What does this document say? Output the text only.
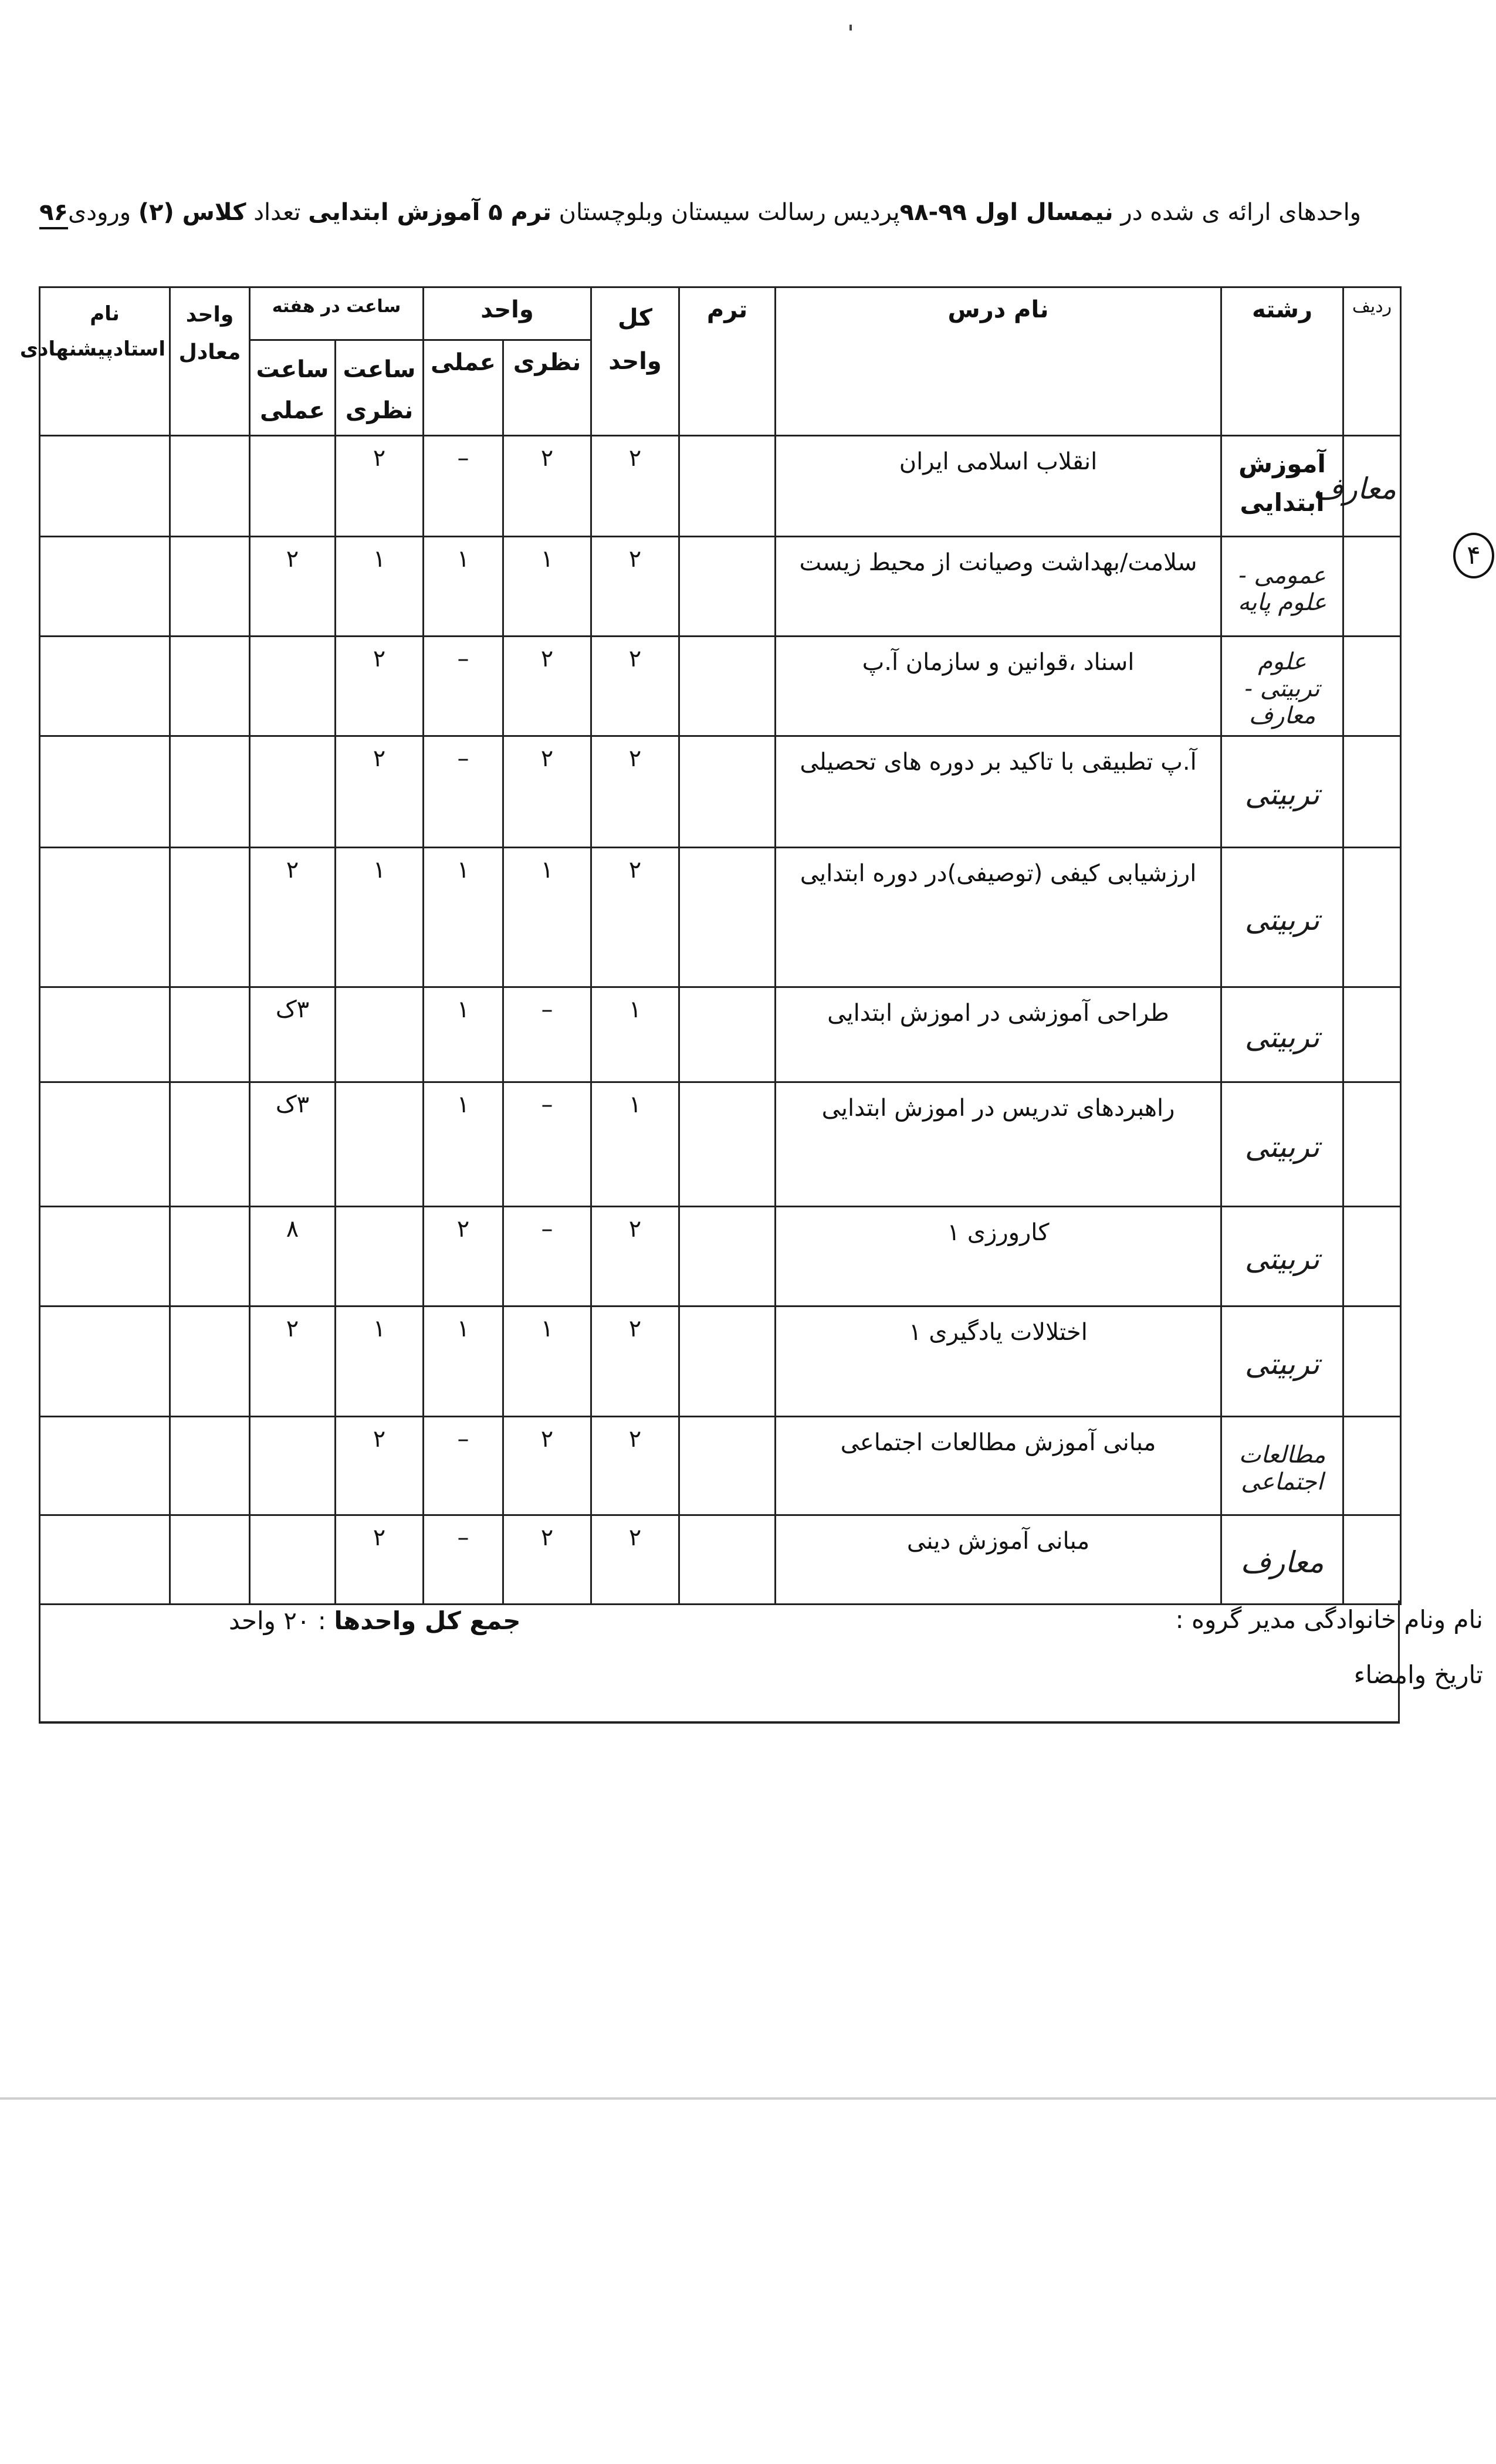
واحدهای ارائه ی شده در نیمسال اول ۹۹-۹۸پردیس رسالت سیستان وبلوچستان ترم ۵ آموزش ابتدایی تعداد کلاس (۲) ورودی۹۶
۴
ردیف	رشته	نام درس	ترم	کل واحد	واحد		ساعت در هفته		واحد معادل	نام استادپیشنهادی
					نظری	عملی	ساعت نظری	ساعت عملی		
معارف	آموزش ابتدایی	انقلاب اسلامی ایران		۲	۲	–	۲			
	عمومی - علوم پایه	سلامت/بهداشت وصیانت از محیط زیست		۲	۱	۱	۱	۲		
	علوم تربیتی - معارف	اسناد ،قوانین و سازمان آ.پ		۲	۲	–	۲			
	تربیتی	آ.پ تطبیقی با تاکید بر دوره های تحصیلی		۲	۲	–	۲			
	تربیتی	ارزشیابی کیفی (توصیفی)در دوره ابتدایی		۲	۱	۱	۱	۲		
	تربیتی	طراحی آموزشی در اموزش ابتدایی		۱	–	۱		۳ک		
	تربیتی	راهبردهای تدریس در اموزش ابتدایی		۱	–	۱		۳ک		
	تربیتی	کارورزی ۱		۲	–	۲		۸		
	تربیتی	اختلالات یادگیری ۱		۲	۱	۱	۱	۲		
	مطالعات اجتماعی	مبانی آموزش مطالعات اجتماعی		۲	۲	–	۲			
	معارف	مبانی آموزش دینی		۲	۲	–	۲			
نام ونام خانوادگی مدیر گروه :
تاریخ وامضاء
جمع کل واحدها : ۲۰ واحد
